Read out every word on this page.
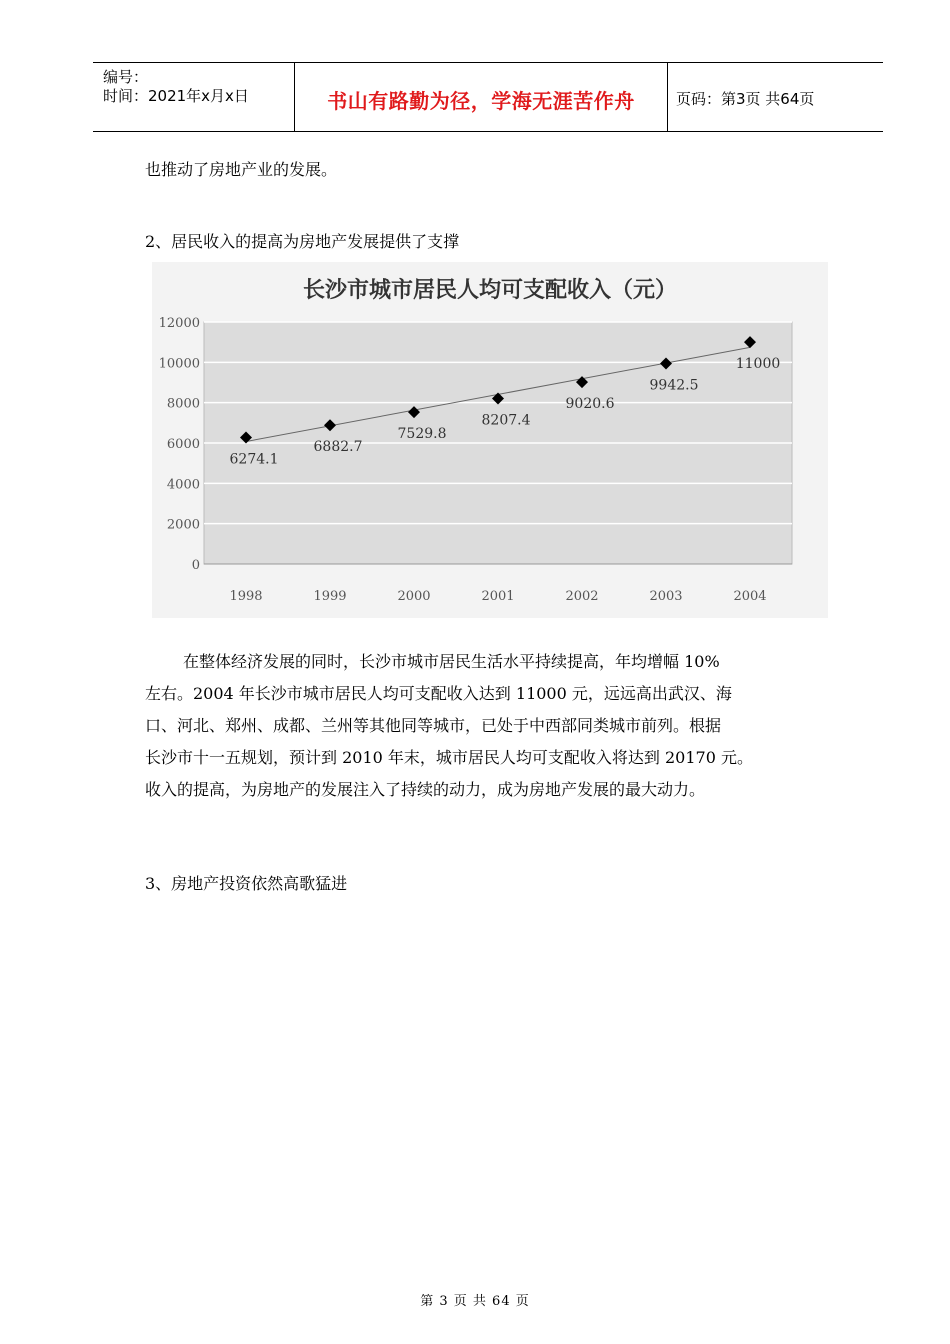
编号：
时间：2021年x月x日	书山有路勤为径，学海无涯苦作舟	页码：第3页 共64页
也推动了房地产业的发展。
2、居民收入的提高为房地产发展提供了支撑
长沙市城市居民人均可支配收入（元）
0
2000
4000
6000
8000
10000
12000
1998	1999	2000	2001	2002	2003	2004
6274.1
6882.7
7529.8
8207.4
9020.6
9942.5
11000

在整体经济发展的同时，长沙市城市居民生活水平持续提高，年均增幅 10%

左右。2004 年长沙市城市居民人均可支配收入达到 11000 元，远远高出武汉、海

口、河北、郑州、成都、兰州等其他同等城市，已处于中西部同类城市前列。根据

长沙市十一五规划，预计到 2010 年末，城市居民人均可支配收入将达到 20170 元。

收入的提高，为房地产的发展注入了持续的动力，成为房地产发展的最大动力。

3、房地产投资依然高歌猛进
第 3 页 共 64 页
